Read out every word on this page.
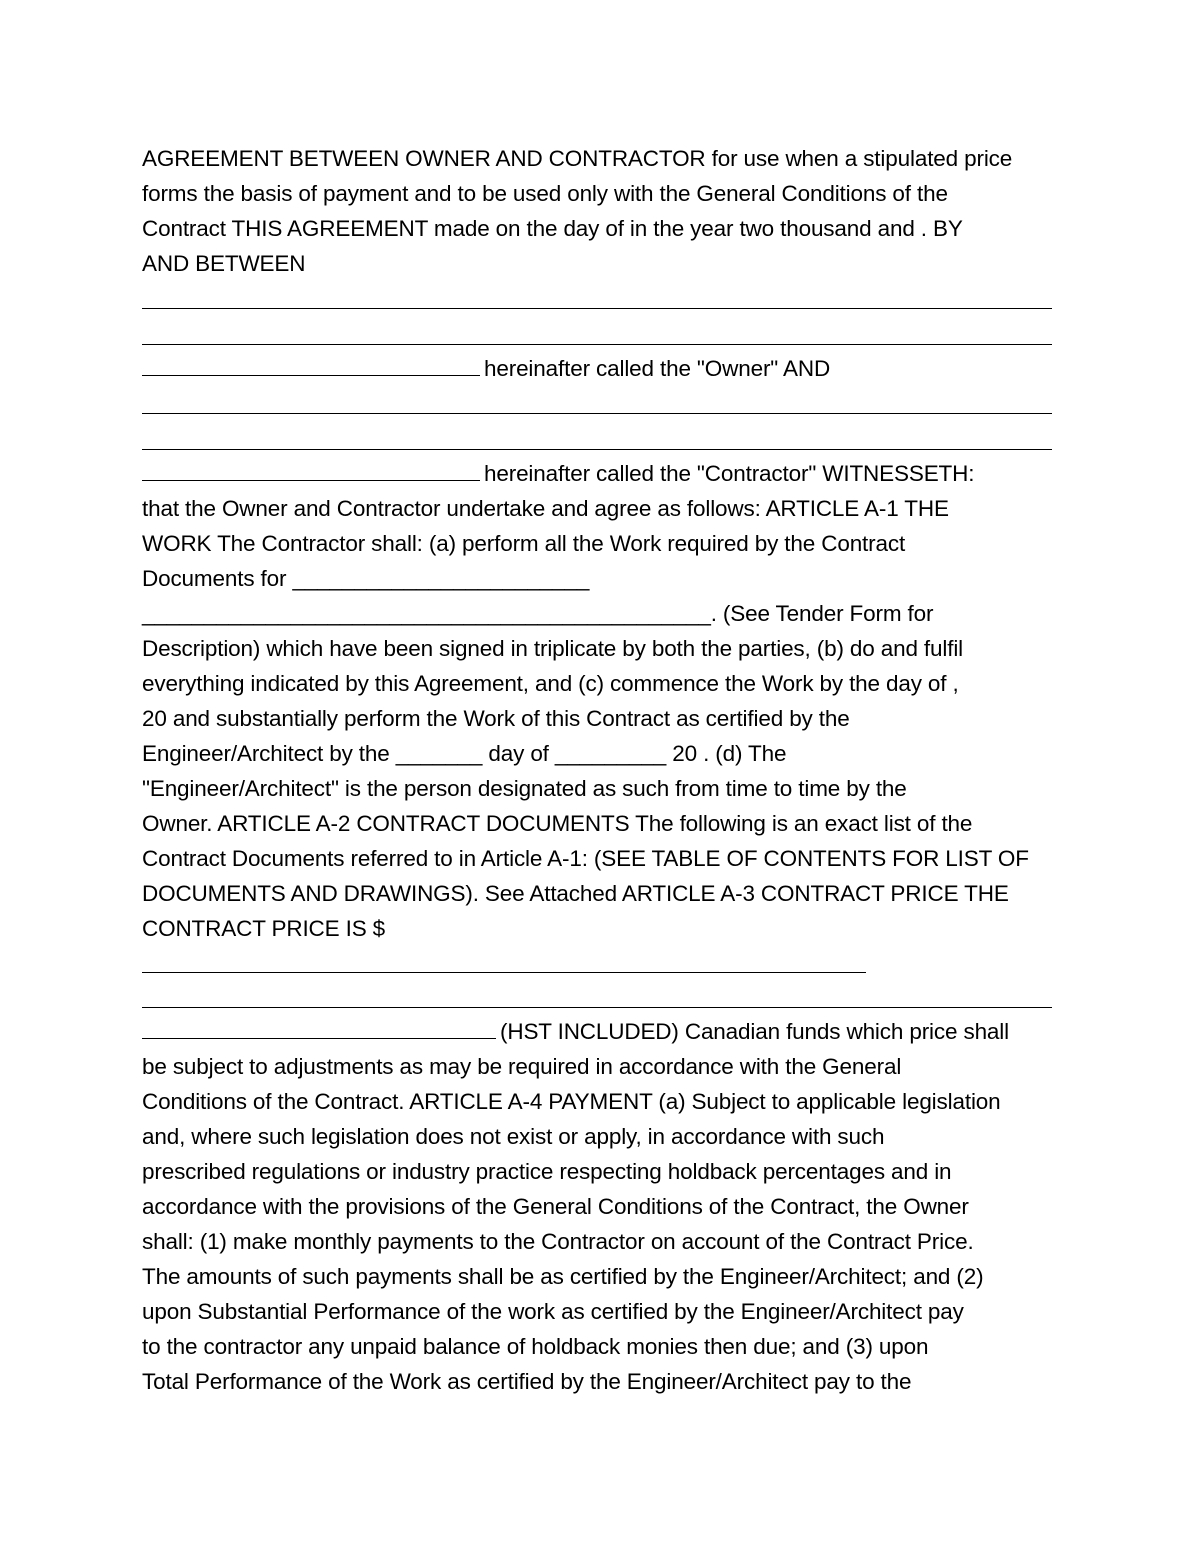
AGREEMENT BETWEEN OWNER AND CONTRACTOR for use when a stipulated price
forms the basis of payment and to be used only with the General Conditions of the
Contract THIS AGREEMENT made on the day of in the year two thousand and . BY
AND BETWEEN
hereinafter called the "Owner" AND
hereinafter called the "Contractor" WITNESSETH:
that the Owner and Contractor undertake and agree as follows: ARTICLE A-1 THE
WORK The Contractor shall: (a) perform all the Work required by the Contract
Documents for ________________________
______________________________________________. (See Tender Form for
Description) which have been signed in triplicate by both the parties, (b) do and fulfil
everything indicated by this Agreement, and (c) commence the Work by the day of ,
20 and substantially perform the Work of this Contract as certified by the
Engineer/Architect by the _______ day of _________ 20 . (d) The
"Engineer/Architect" is the person designated as such from time to time by the
Owner. ARTICLE A-2 CONTRACT DOCUMENTS The following is an exact list of the
Contract Documents referred to in Article A-1: (SEE TABLE OF CONTENTS FOR LIST OF
DOCUMENTS AND DRAWINGS). See Attached ARTICLE A-3 CONTRACT PRICE THE
CONTRACT PRICE IS $
(HST INCLUDED) Canadian funds which price shall
be subject to adjustments as may be required in accordance with the General
Conditions of the Contract. ARTICLE A-4 PAYMENT (a) Subject to applicable legislation
and, where such legislation does not exist or apply, in accordance with such
prescribed regulations or industry practice respecting holdback percentages and in
accordance with the provisions of the General Conditions of the Contract, the Owner
shall: (1) make monthly payments to the Contractor on account of the Contract Price.
The amounts of such payments shall be as certified by the Engineer/Architect; and (2)
upon Substantial Performance of the work as certified by the Engineer/Architect pay
to the contractor any unpaid balance of holdback monies then due; and (3) upon
Total Performance of the Work as certified by the Engineer/Architect pay to the
